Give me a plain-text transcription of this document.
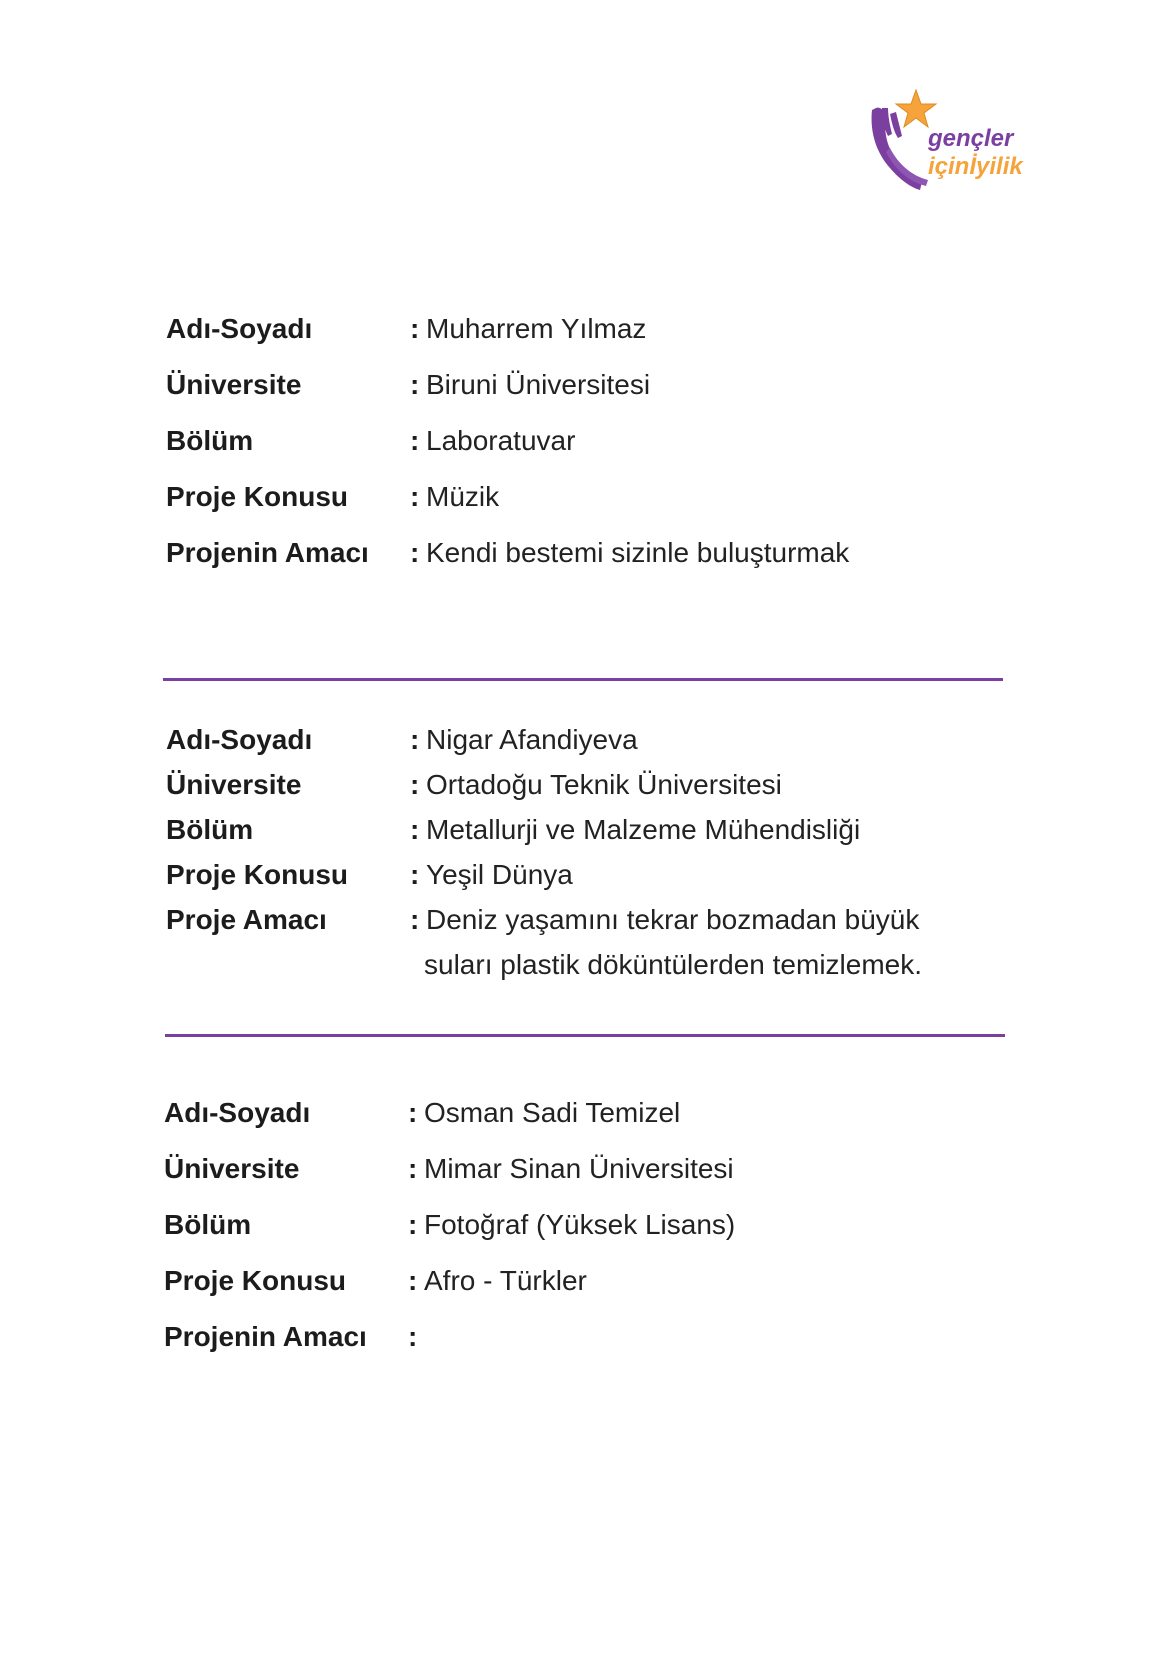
gençler
içinİyilik
Adı-Soyadı	: Muharrem Yılmaz
Üniversite	: Biruni Üniversitesi
Bölüm	: Laboratuvar
Proje Konusu : Müzik
Projenin Amacı : Kendi bestemi sizinle buluşturmak
Adı-Soyadı	: Nigar Afandiyeva
Üniversite	: Ortadoğu Teknik Üniversitesi
Bölüm	: Metallurji ve Malzeme Mühendisliği
Proje Konusu : Yeşil Dünya
Proje Amacı	: Deniz yaşamını tekrar bozmadan büyük
suları plastik döküntülerden temizlemek.
Adı-Soyadı	: Osman Sadi Temizel
Üniversite	: Mimar Sinan Üniversitesi
Bölüm	: Fotoğraf (Yüksek Lisans)
Proje Konusu : Afro - Türkler
Projenin Amacı :
